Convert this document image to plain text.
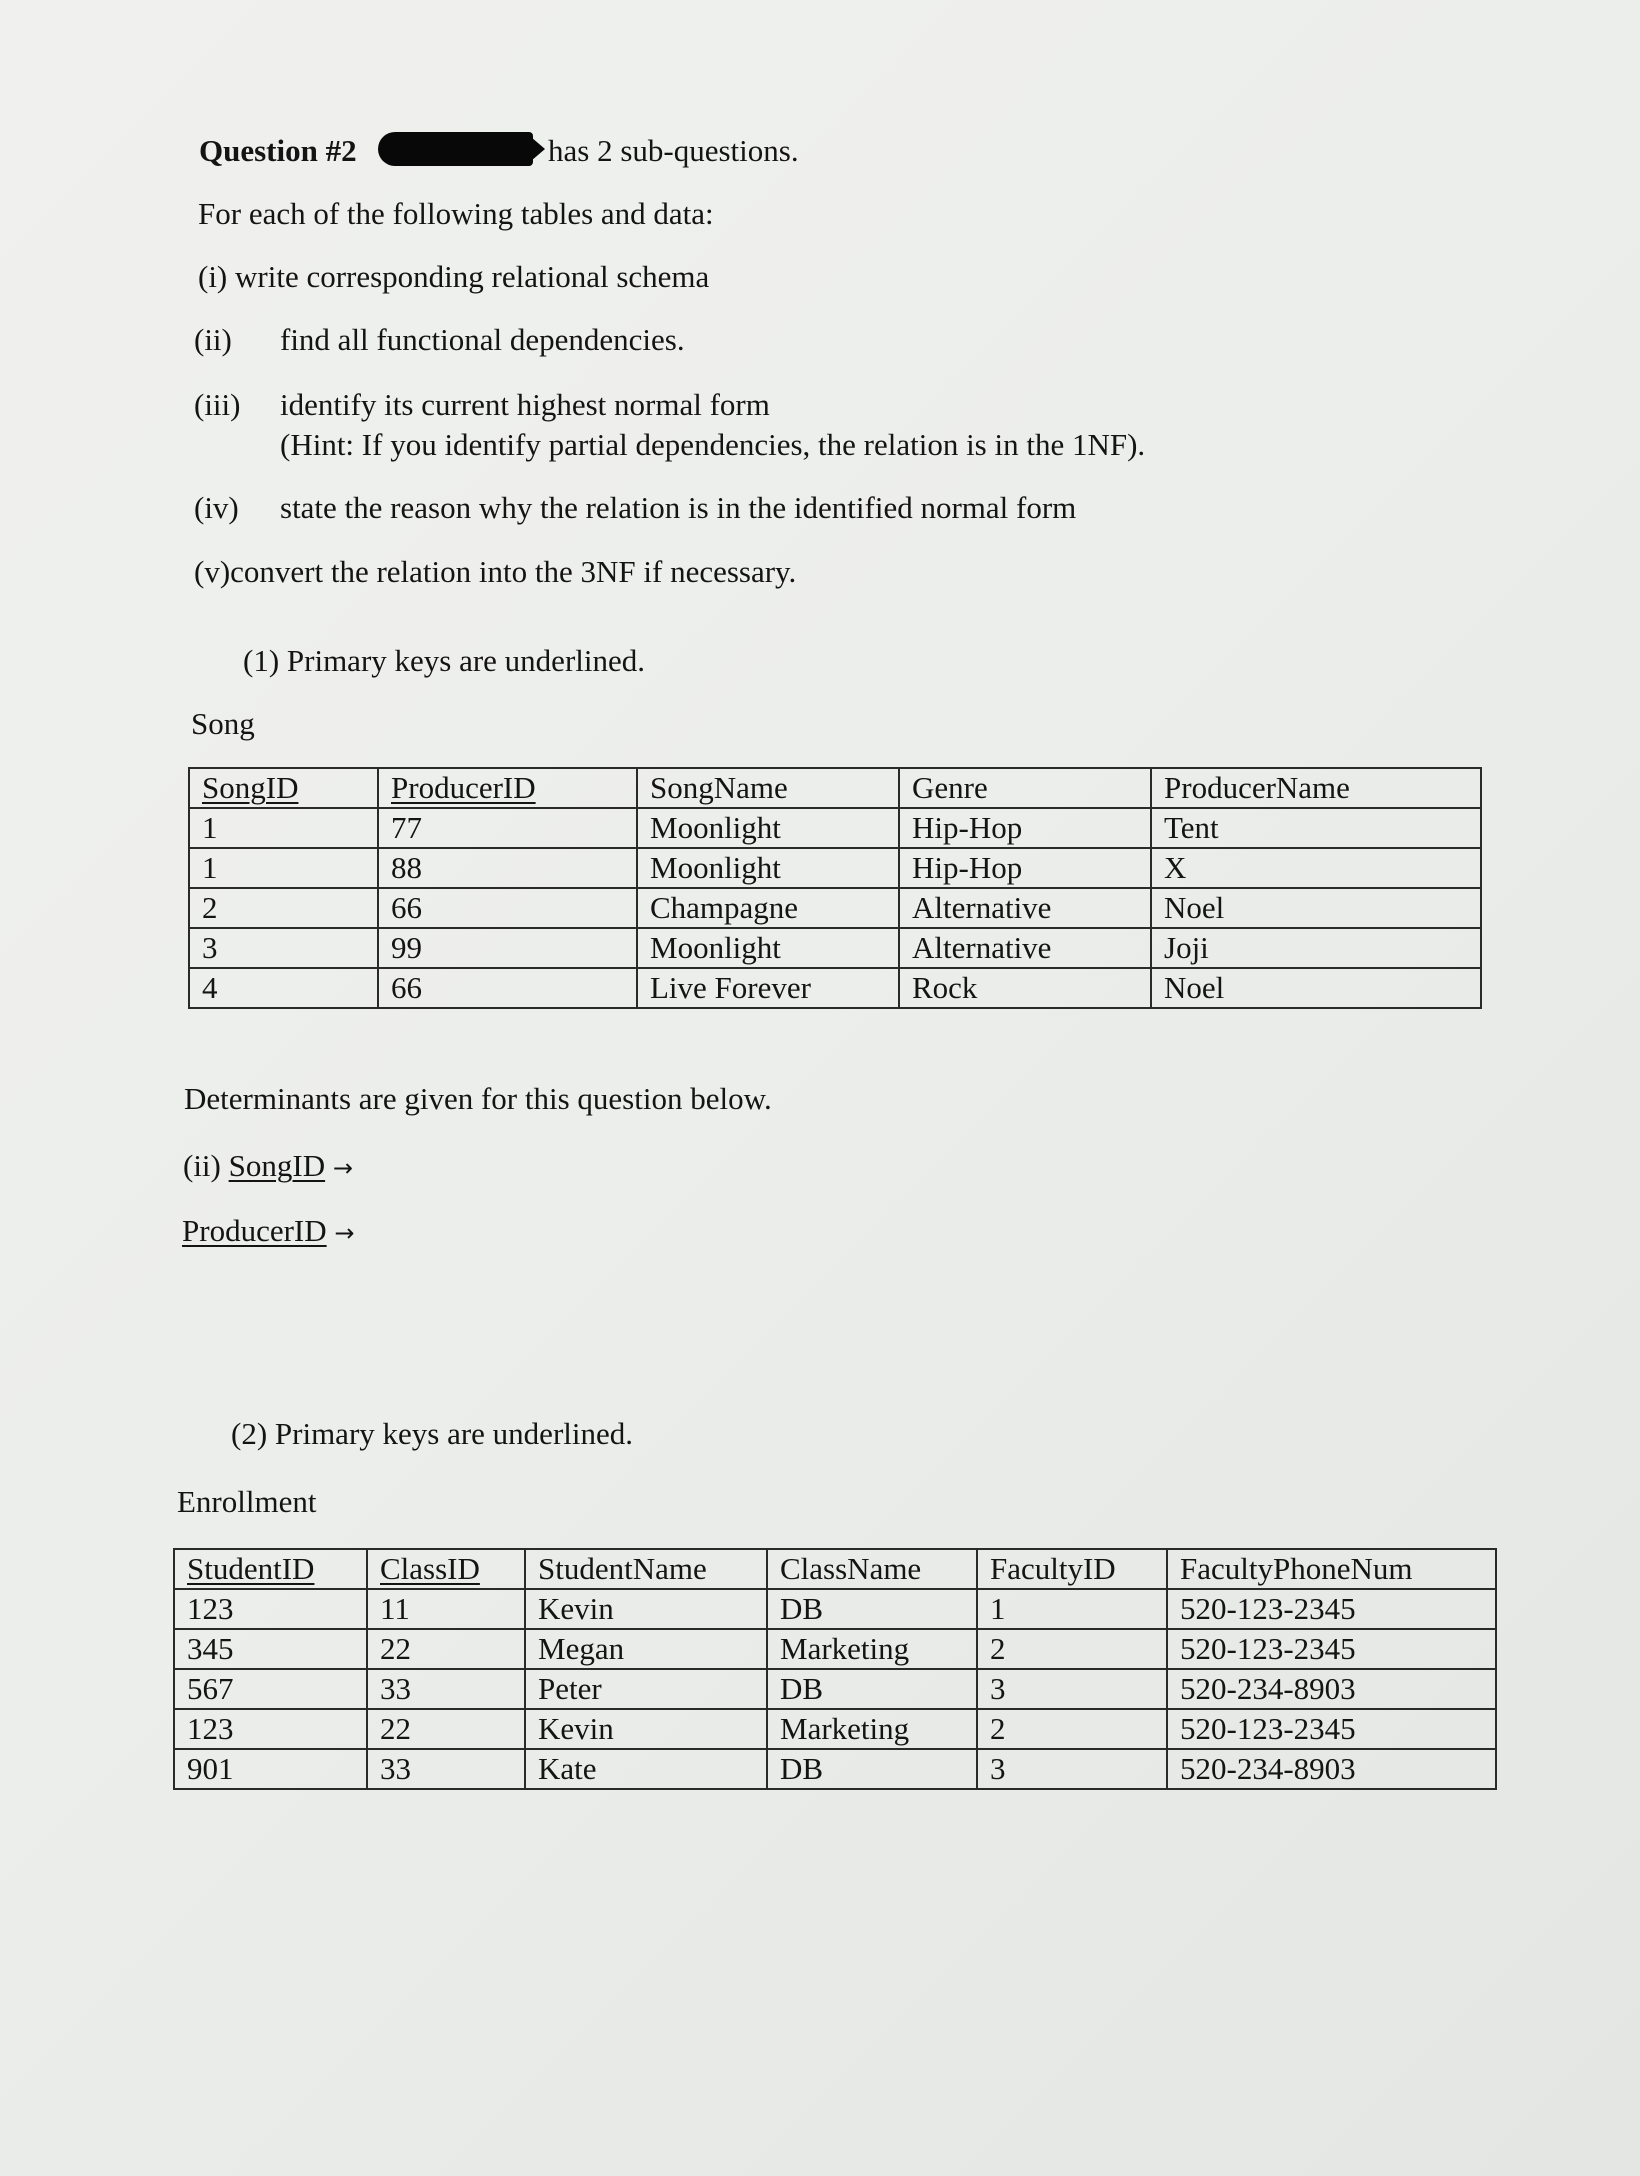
Question #2	has 2 sub-questions.
For each of the following tables and data:
(i) write corresponding relational schema
(ii) find all functional dependencies.
(iii) identify its current highest normal form
(Hint: If you identify partial dependencies, the relation is in the 1NF).
(iv) state the reason why the relation is in the identified normal form
(v)convert the relation into the 3NF if necessary.
(1) Primary keys are underlined.
Song
SongID	ProducerID	SongName	Genre	ProducerName
1	77	Moonlight	Hip-Hop	Tent
1	88	Moonlight	Hip-Hop	X
2	66	Champagne	Alternative	Noel
3	99	Moonlight	Alternative	Joji
4	66	Live Forever	Rock	Noel
Determinants are given for this question below.
(ii) SongID →
ProducerID →
(2) Primary keys are underlined.
Enrollment
StudentID	ClassID	StudentName	ClassName	FacultyID	FacultyPhoneNum
123	11	Kevin	DB	1	520-123-2345
345	22	Megan	Marketing	2	520-123-2345
567	33	Peter	DB	3	520-234-8903
123	22	Kevin	Marketing	2	520-123-2345
901	33	Kate	DB	3	520-234-8903
